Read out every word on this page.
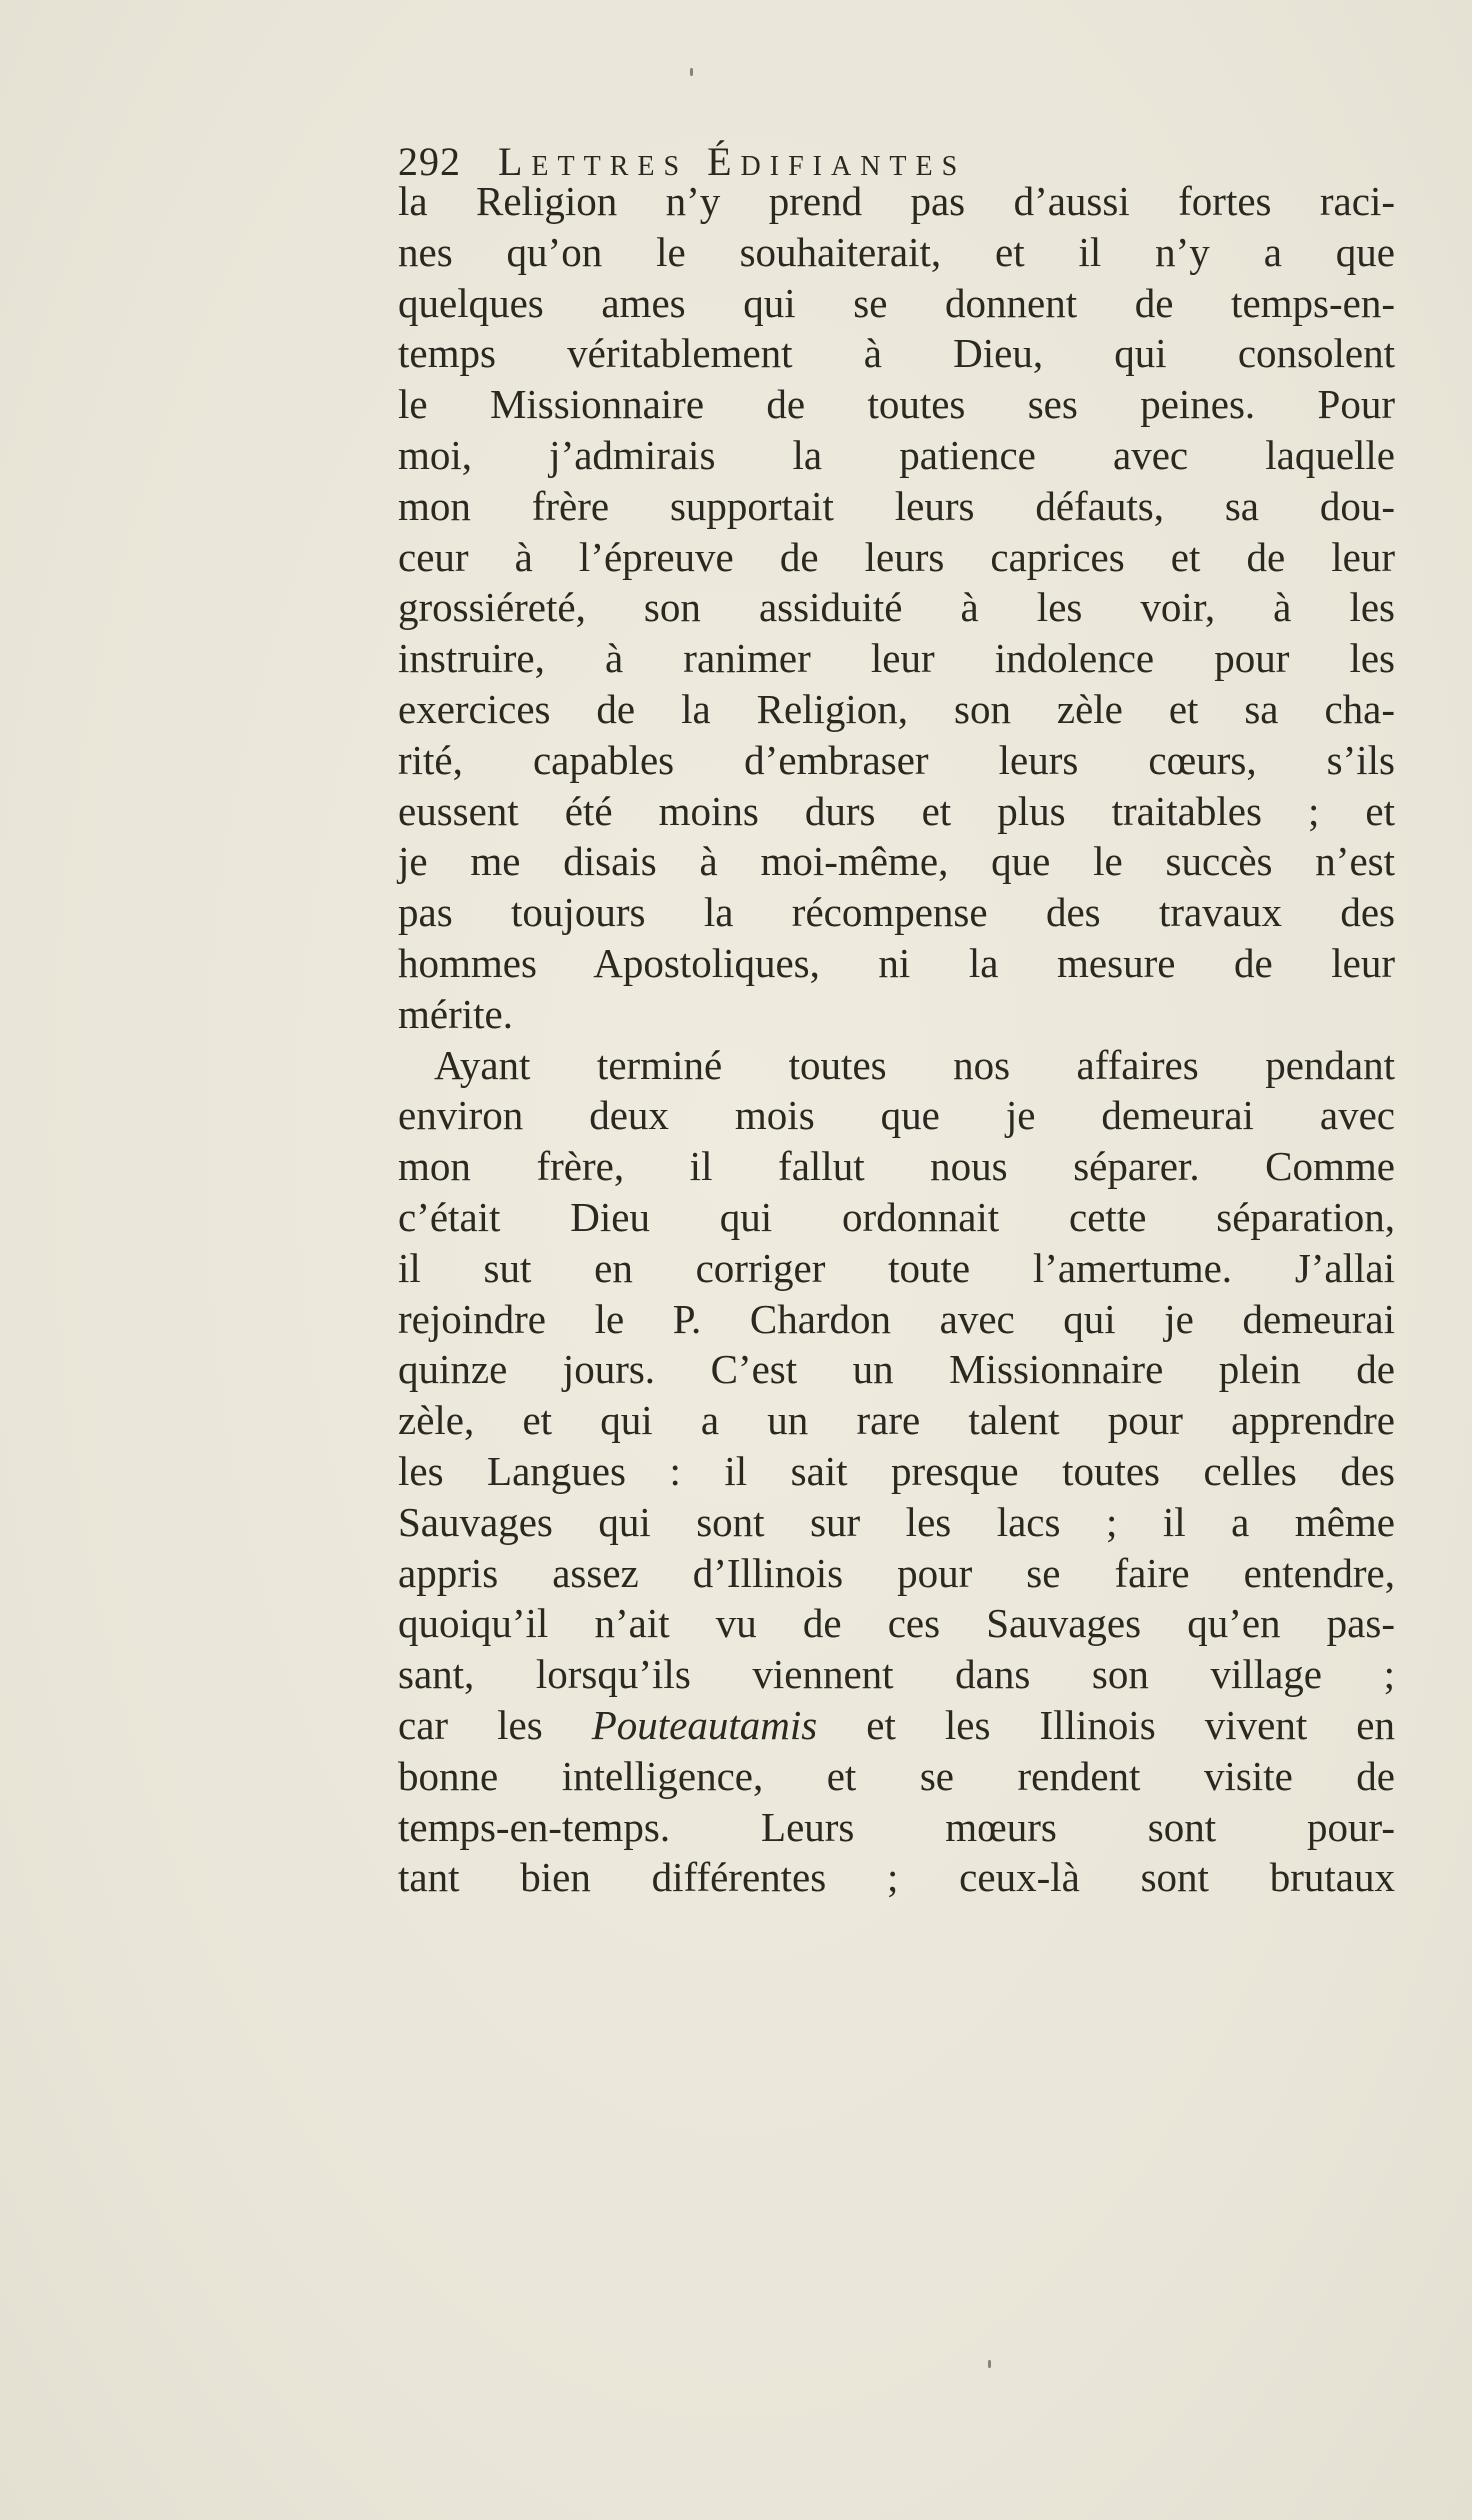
292 Lettres Édifiantes
la Religion n’y prend pas d’aussi fortes raci-
nes qu’on le souhaiterait, et il n’y a que
quelques ames qui se donnent de temps-en-
temps véritablement à Dieu, qui consolent
le Missionnaire de toutes ses peines. Pour
moi, j’admirais la patience avec laquelle
mon frère supportait leurs défauts, sa dou-
ceur à l’épreuve de leurs caprices et de leur
grossiéreté, son assiduité à les voir, à les
instruire, à ranimer leur indolence pour les
exercices de la Religion, son zèle et sa cha-
rité, capables d’embraser leurs cœurs, s’ils
eussent été moins durs et plus traitables ; et
je me disais à moi-même, que le succès n’est
pas toujours la récompense des travaux des
hommes Apostoliques, ni la mesure de leur
mérite.
Ayant terminé toutes nos affaires pendant
environ deux mois que je demeurai avec
mon frère, il fallut nous séparer. Comme
c’était Dieu qui ordonnait cette séparation,
il sut en corriger toute l’amertume. J’allai
rejoindre le P. Chardon avec qui je demeurai
quinze jours. C’est un Missionnaire plein de
zèle, et qui a un rare talent pour apprendre
les Langues : il sait presque toutes celles des
Sauvages qui sont sur les lacs ; il a même
appris assez d’Illinois pour se faire entendre,
quoiqu’il n’ait vu de ces Sauvages qu’en pas-
sant, lorsqu’ils viennent dans son village ;
car les Pouteautamis et les Illinois vivent en
bonne intelligence, et se rendent visite de
temps-en-temps. Leurs mœurs sont pour-
tant bien différentes ; ceux-là sont brutaux
